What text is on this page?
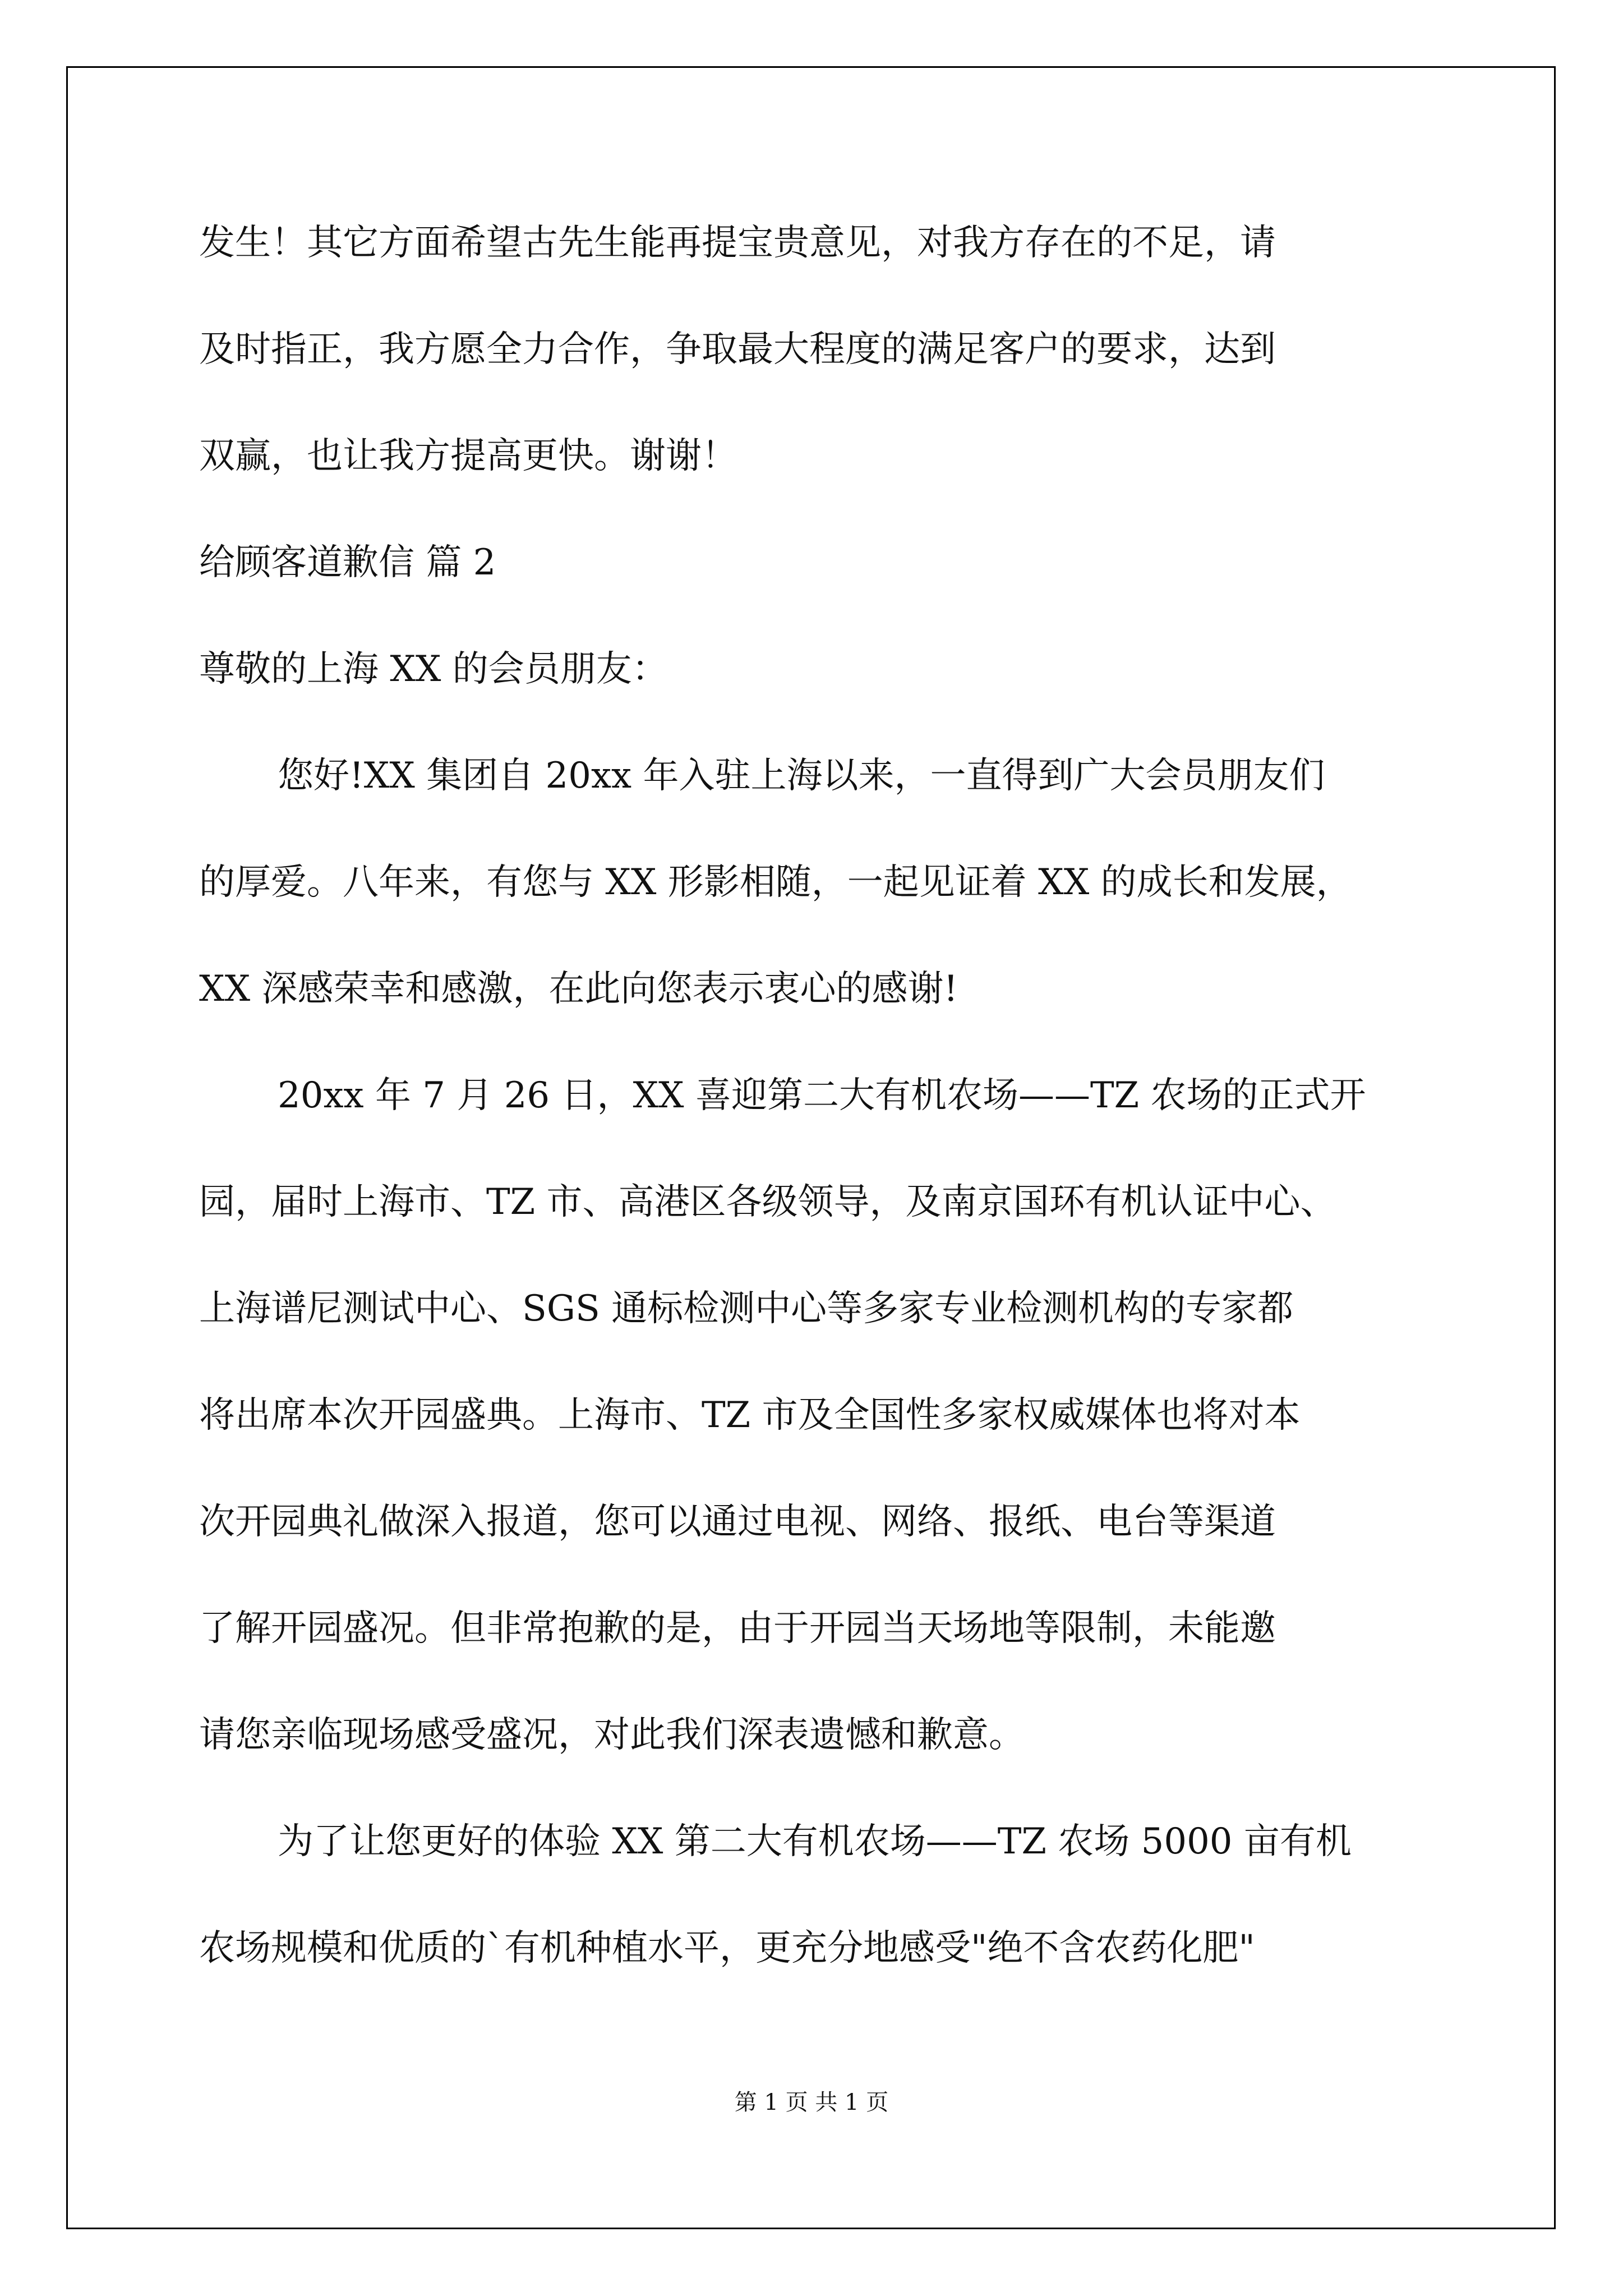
发生！其它方面希望古先生能再提宝贵意见，对我方存在的不足，请
及时指正，我方愿全力合作，争取最大程度的满足客户的要求，达到
双赢，也让我方提高更快。谢谢！
给顾客道歉信 篇 2
尊敬的上海 XX 的会员朋友：
您好!XX 集团自 20xx 年入驻上海以来，一直得到广大会员朋友们
的厚爱。八年来，有您与 XX 形影相随，一起见证着 XX 的成长和发展，
XX 深感荣幸和感激，在此向您表示衷心的感谢!
20xx 年 7 月 26 日，XX 喜迎第二大有机农场——TZ 农场的正式开
园，届时上海市、TZ 市、高港区各级领导，及南京国环有机认证中心、
上海谱尼测试中心、SGS 通标检测中心等多家专业检测机构的专家都
将出席本次开园盛典。上海市、TZ 市及全国性多家权威媒体也将对本
次开园典礼做深入报道，您可以通过电视、网络、报纸、电台等渠道
了解开园盛况。但非常抱歉的是，由于开园当天场地等限制，未能邀
请您亲临现场感受盛况，对此我们深表遗憾和歉意。
为了让您更好的体验 XX 第二大有机农场——TZ 农场 5000 亩有机
农场规模和优质的`有机种植水平，更充分地感受"绝不含农药化肥"
第 1 页 共 1 页
